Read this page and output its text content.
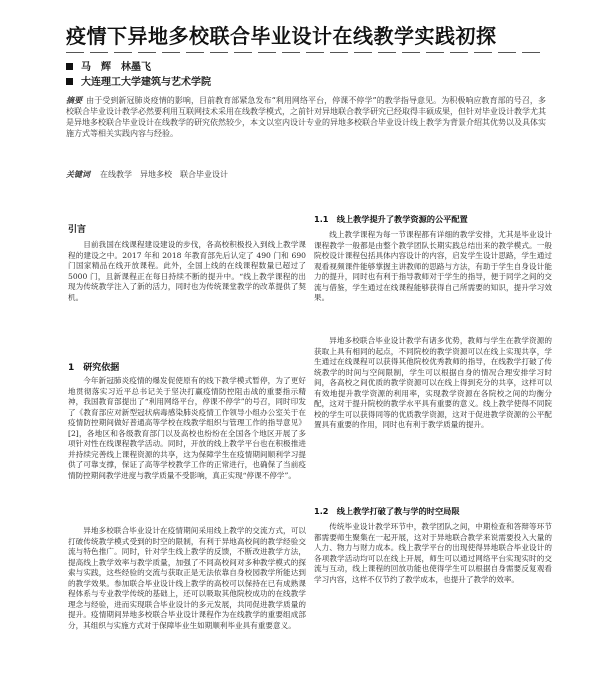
疫情下异地多校联合毕业设计在线教学实践初探
马　辉　林墨飞
大连理工大学建筑与艺术学院
摘要 由于受到新冠肺炎疫情的影响，目前教育部紧急发布“利用网络平台，停课不停学”的教学指导意见。为积极响应教育部的号召，多校联合毕业设计教学必然要利用互联网技术采用在线教学模式，之前针对异地联合教学研究已经取得丰硕成果，但针对毕业设计教学尤其是异地多校联合毕业设计在线教学的研究依然较少，本文以室内设计专业的异地多校联合毕业设计线上教学为背景介绍其优势以及具体实施方式等相关实践内容与经验。
关键词 在线教学　异地多校　联合毕业设计
引言

目前我国在线课程建设建设的步伐，各高校积极投入到线上教学课程的建设之中。2017 年和 2018 年教育部先后认定了 490 门和 690 门国家精品在线开放课程。此外，全国上线的在线课程数量已超过了 5000 门，且新课程正在每日持续不断的提升中。“线上教学课程的出现为传统教学注入了新的活力，同时也为传统课堂教学的改革提供了契机。

1　研究依据

今年新冠肺炎疫情的爆发促使原有的线下教学模式暂停，为了更好地贯彻落实习近平总书记关于坚决打赢疫情防控阻击战的重要指示精神，我国教育部提出了“利用网络平台，停课不停学”的号召，同时印发了《教育部应对新型冠状病毒感染肺炎疫情工作领导小组办公室关于在疫情防控期间做好普通高等学校在线教学组织与管理工作的指导意见》[2]，各地区和各级教育部门以及高校也纷纷在全国各个地区开展了多项针对性在线课程教学活动。同时，开放的线上教学平台也在积极推进并持续完善线上课程资源的共享，这为保障学生在疫情期间顺利学习提供了可靠支撑，保证了高等学校教学工作的正常进行，也确保了当前疫情防控期间教学进度与教学质量不受影响，真正实现“停课不停学”。

异地多校联合毕业设计在疫情期间采用线上教学的交流方式，可以打破传统教学模式受到的时空的限制，有利于异地高校间的教学经验交流与特色推广。同时，针对学生线上教学的反馈，不断改进教学方法，提高线上教学效率与教学质量，加强了不同高校间对多种教学模式的探索与实践，这些经验的交流与获取正是无法依靠自身校园教学所能达到的教学效果。参加联合毕业设计线上教学的高校可以保持在已有成熟课程体系与专业教学传统的基础上，还可以吸取其他院校成功的在线教学理念与经验，进而实现联合毕业设计的多元发展，共同促进教学质量的提升。疫情期间异地多校联合毕业设计课程作为在线教学的重要组成部分，其组织与实施方式对于保障毕业生如期顺利毕业具有重要意义。

1.1　线上教学提升了教学资源的公平配置

线上教学课程为每一节课程都有详细的教学安排，尤其是毕业设计课程教学一般都是由整个教学团队长期实践总结出来的教学模式。一般院校设计课程包括具体内容设计的内容，启发学生设计思路，学生通过观看视频课件能够掌握主讲教师的思路与方法，有助于学生自身设计能力的提升，同时也有利于指导教师对于学生的指导，便于同学之间的交流与借鉴，学生通过在线课程能够获得自己所需要的知识，提升学习效果。

异地多校联合毕业设计教学有诸多优势，教师与学生在教学资源的获取上具有相同的起点，不同院校的教学资源可以在线上实现共享，学生通过在线课程可以获得其他院校优秀教师的指导，在线教学打破了传统教学的时间与空间限制，学生可以根据自身的情况合理安排学习时间，各高校之间优质的教学资源可以在线上得到充分的共享，这样可以有效地提升教学资源的利用率，实现教学资源在各院校之间的均衡分配，这对于提升院校的教学水平具有重要的意义。线上教学使得不同院校的学生可以获得同等的优质教学资源，这对于促进教学资源的公平配置具有重要的作用，同时也有利于教学质量的提升。

1.2　线上教学打破了教与学的时空局限

传统毕业设计教学环节中，教学团队之间，中期检查和答辩等环节都需要师生聚集在一起开展，这对于异地联合教学来说需要投入大量的人力、物力与财力成本。线上教学平台的出现使得异地联合毕业设计的各项教学活动均可以在线上开展，师生可以通过网络平台实现实时的交流与互动，线上课程的回放功能也使得学生可以根据自身需要反复观看学习内容，这样不仅节约了教学成本，也提升了教学的效率。
